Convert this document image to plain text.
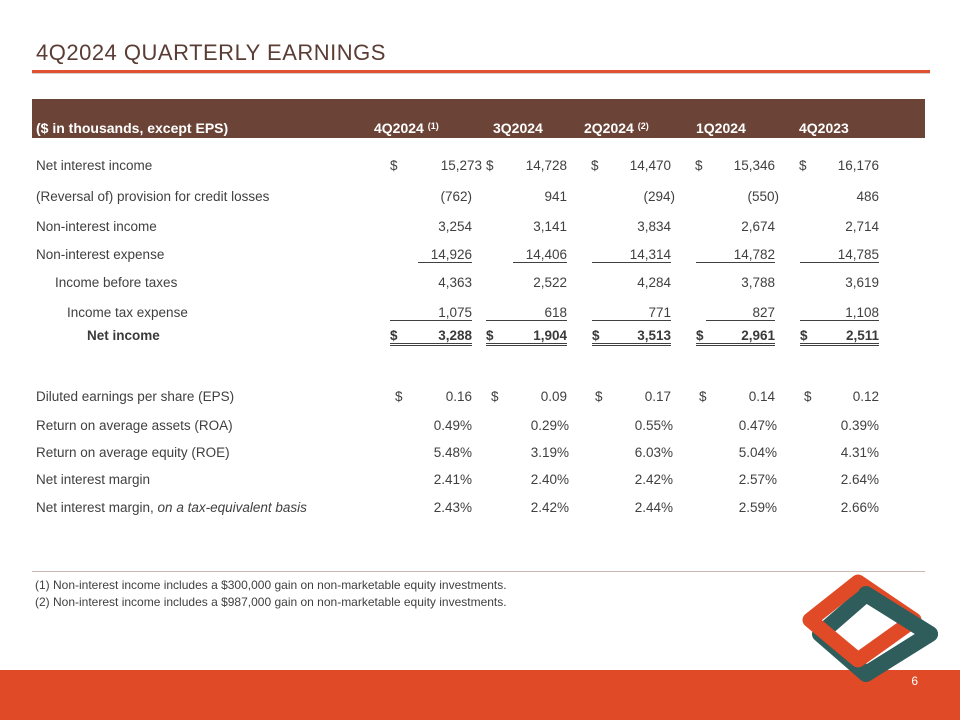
4Q2024 QUARTERLY EARNINGS
($ in thousands, except EPS)	4Q2024 $^{(1)}$	3Q2024	2Q2024 $^{(2)}$	1Q2024	4Q2023
Net interest income	$	15,273 $	14,728 $	14,470 $	15,346 $	16,176
(Reversal of) provision for credit losses	(762)	941	(294)	(550)	486
Non-interest income	3,254	3,141	3,834	2,674	2,714
Non-interest expense	14,926	14,406	14,314	14,782	14,785
Income before taxes	4,363	2,522	4,284	3,788	3,619
Income tax expense	1,075	618	771	827	1,108
Net income	$	3,288 $	1,904 $	3,513 $	2,961 $	2,511
Diluted earnings per share (EPS)	$	0.16 $	0.09 $	0.17 $	0.14 $	0.12
Return on average assets (ROA)	0.49%	0.29%	0.55%	0.47%	0.39%
Return on average equity (ROE)	5.48%	3.19%	6.03%	5.04%	4.31%
Net interest margin	2.41%	2.40%	2.42%	2.57%	2.64%
Net interest margin, on a tax-equivalent basis	2.43%	2.42%	2.44%	2.59%	2.66%
(1) Non-interest income includes a $300,000 gain on non-marketable equity investments.
(2) Non-interest income includes a $987,000 gain on non-marketable equity investments.
6
